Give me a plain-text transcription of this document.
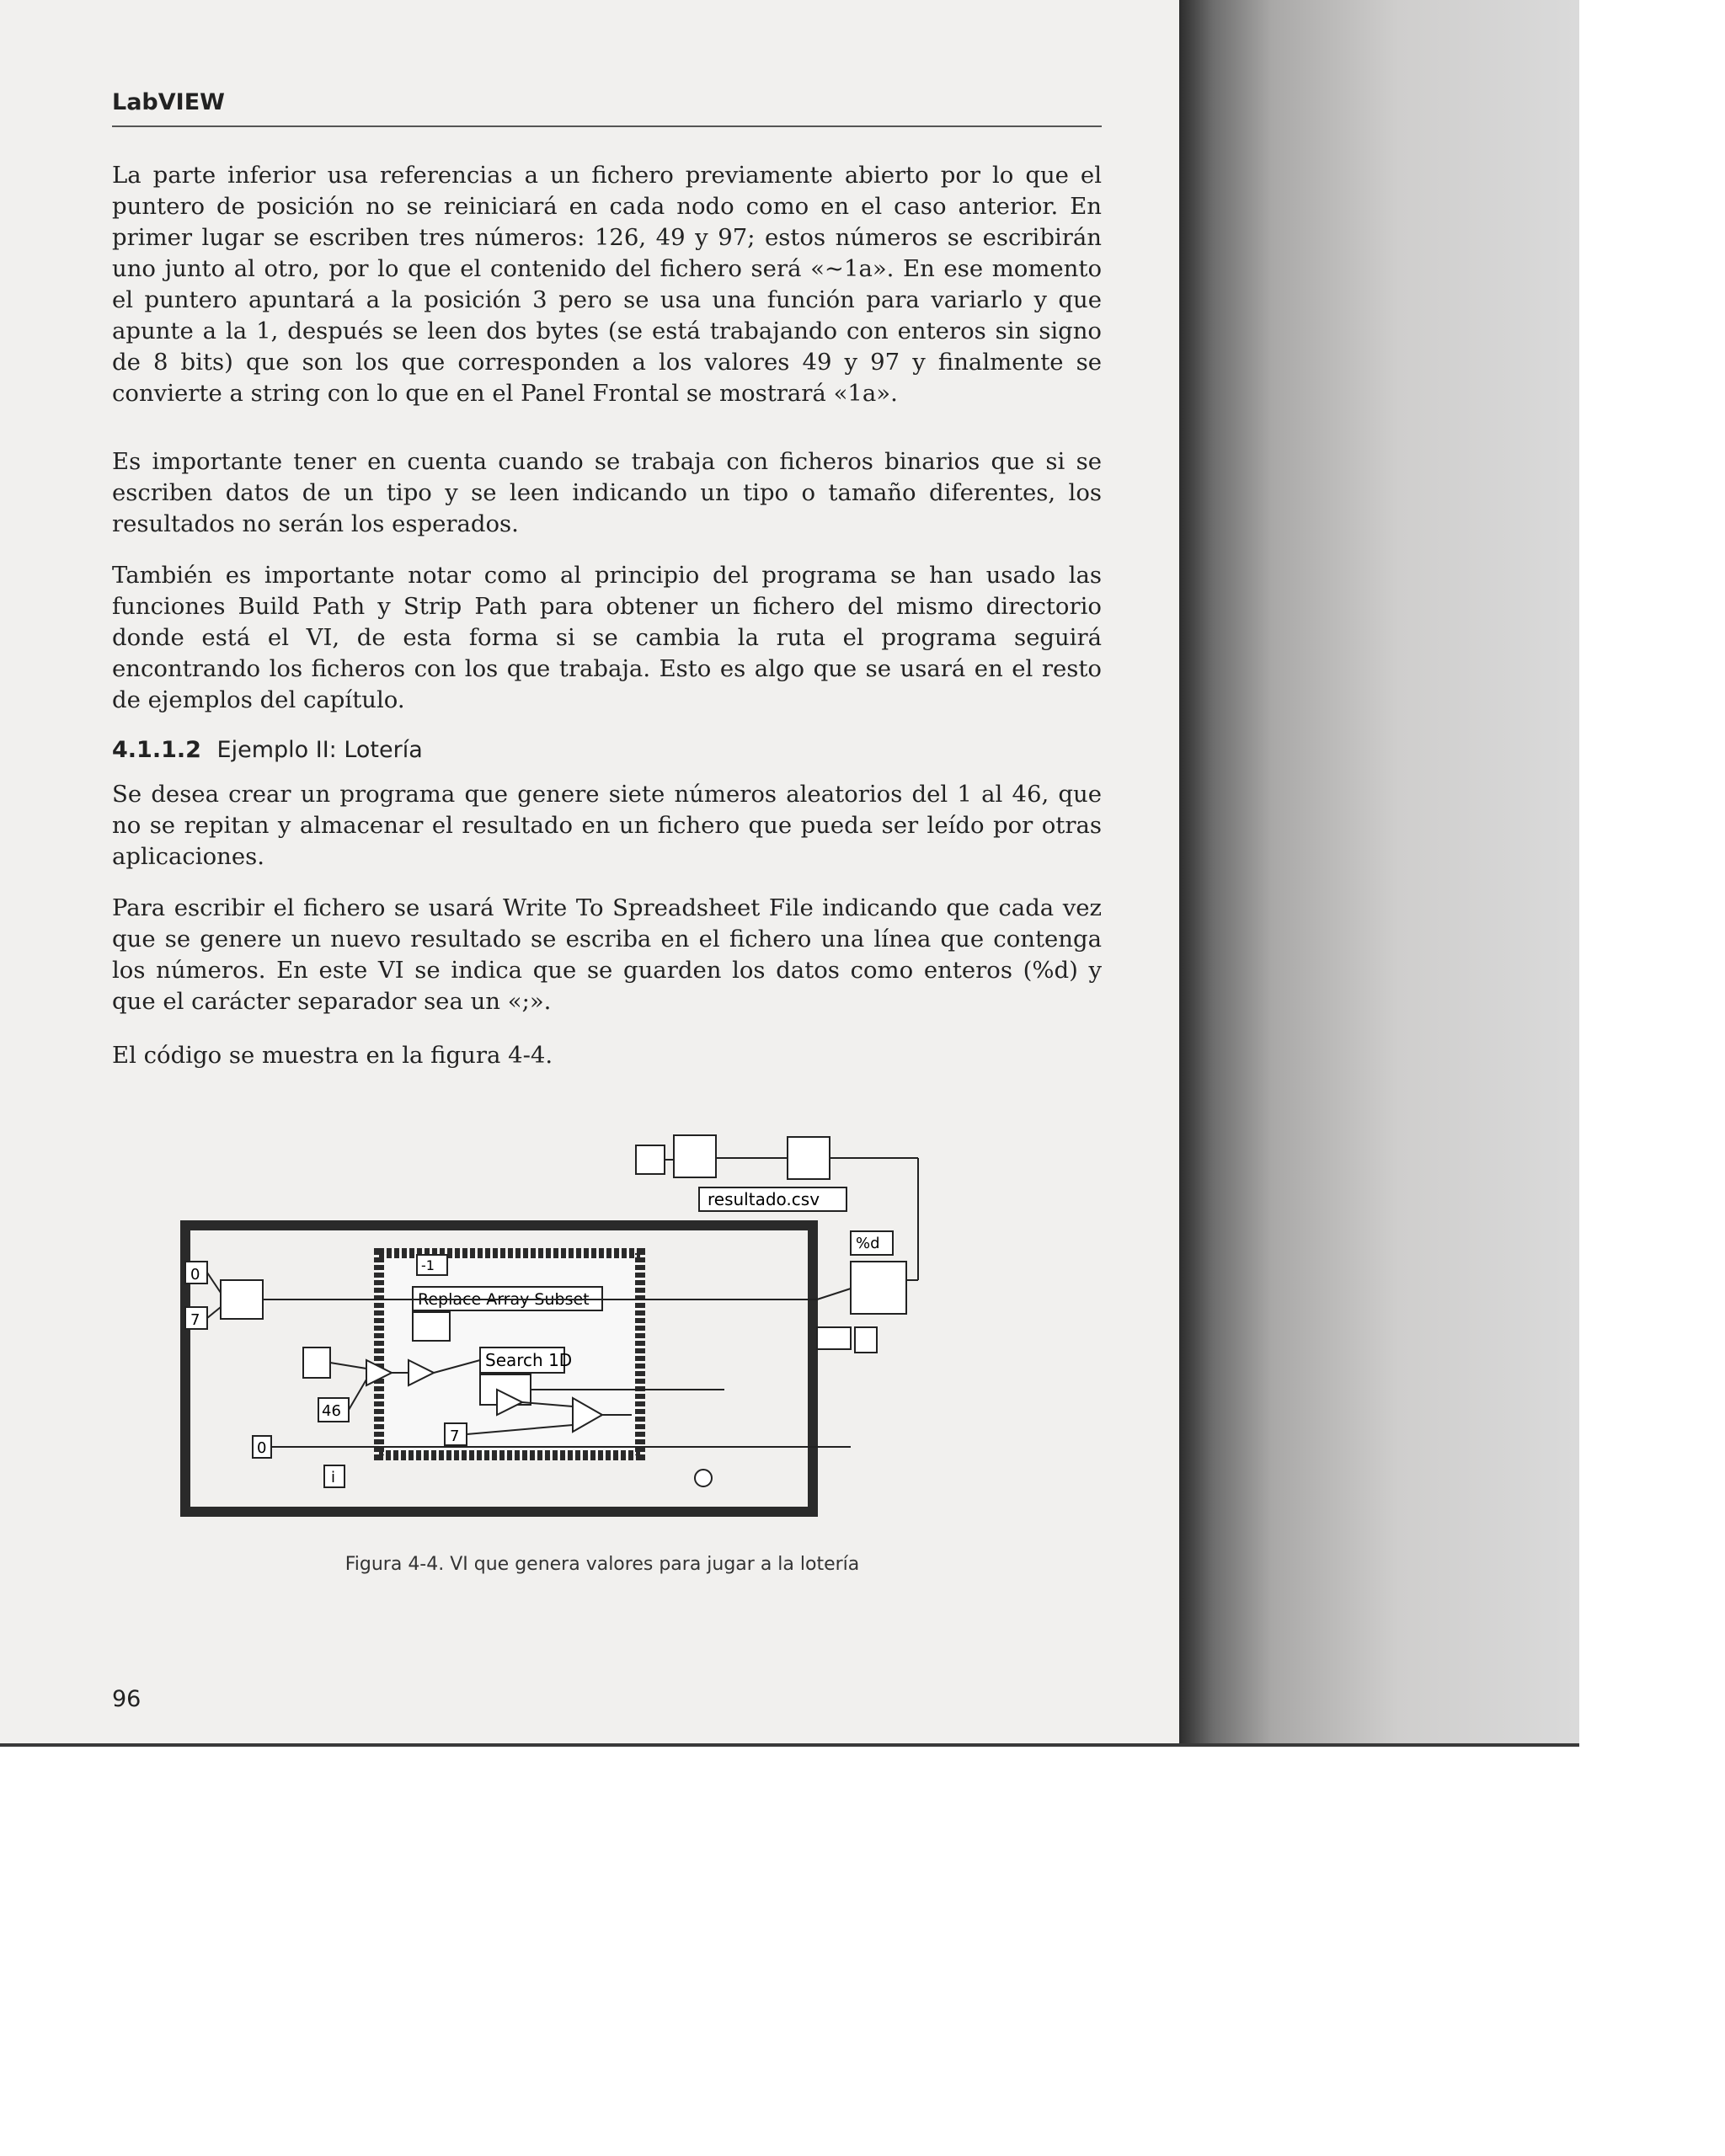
LabVIEW

La parte inferior usa referencias a un fichero previamente abierto por lo que el puntero de posición no se reiniciará en cada nodo como en el caso anterior. En primer lugar se escriben tres números: 126, 49 y 97; estos números se escribirán uno junto al otro, por lo que el contenido del fichero será «~1a». En ese momento el puntero apuntará a la posición 3 pero se usa una función para variarlo y que apunte a la 1, después se leen dos bytes (se está trabajando con enteros sin signo de 8 bits) que son los que corresponden a los valores 49 y 97 y finalmente se convierte a string con lo que en el Panel Frontal se mostrará «1a».

Es importante tener en cuenta cuando se trabaja con ficheros binarios que si se escriben datos de un tipo y se leen indicando un tipo o tamaño diferentes, los resultados no serán los esperados.

También es importante notar como al principio del programa se han usado las funciones Build Path y Strip Path para obtener un fichero del mismo directorio donde está el VI, de esta forma si se cambia la ruta el programa seguirá encontrando los ficheros con los que trabaja. Esto es algo que se usará en el resto de ejemplos del capítulo.

4.1.1.2 Ejemplo II: Lotería

Se desea crear un programa que genere siete números aleatorios del 1 al 46, que no se repitan y almacenar el resultado en un fichero que pueda ser leído por otras aplicaciones.

Para escribir el fichero se usará Write To Spreadsheet File indicando que cada vez que se genere un nuevo resultado se escriba en el fichero una línea que contenga los números. En este VI se indica que se guarden los datos como enteros (%d) y que el carácter separador sea un «;».

El código se muestra en la figura 4-4.

resultado.csv
0
7
46
Search 1D
-1
Replace Array Subset
7
0
i
%d
Figura 4-4. VI que genera valores para jugar a la lotería
96
